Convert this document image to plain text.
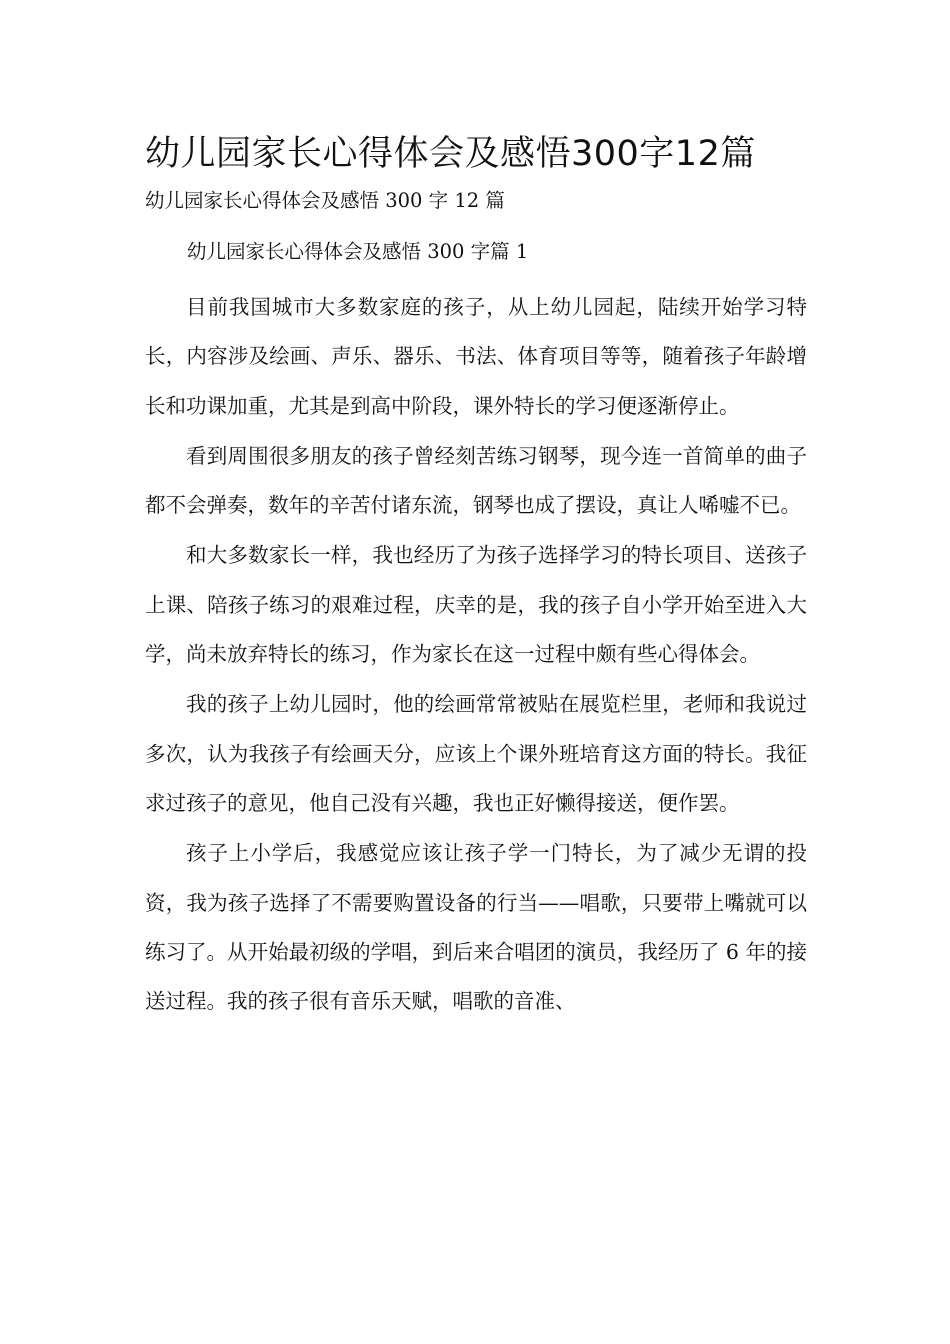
幼儿园家长心得体会及感悟300字12篇

幼儿园家长心得体会及感悟 300 字 12 篇

幼儿园家长心得体会及感悟 300 字篇 1

目前我国城市大多数家庭的孩子，从上幼儿园起，陆续开始学习特长，内容涉及绘画、声乐、器乐、书法、体育项目等等，随着孩子年龄增长和功课加重，尤其是到高中阶段，课外特长的学习便逐渐停止。

看到周围很多朋友的孩子曾经刻苦练习钢琴，现今连一首简单的曲子都不会弹奏，数年的辛苦付诸东流，钢琴也成了摆设，真让人唏嘘不已。

和大多数家长一样，我也经历了为孩子选择学习的特长项目、送孩子上课、陪孩子练习的艰难过程，庆幸的是，我的孩子自小学开始至进入大学，尚未放弃特长的练习，作为家长在这一过程中颇有些心得体会。

我的孩子上幼儿园时，他的绘画常常被贴在展览栏里，老师和我说过多次，认为我孩子有绘画天分，应该上个课外班培育这方面的特长。我征求过孩子的意见，他自己没有兴趣，我也正好懒得接送，便作罢。

孩子上小学后，我感觉应该让孩子学一门特长，为了减少无谓的投资，我为孩子选择了不需要购置设备的行当——唱歌，只要带上嘴就可以练习了。从开始最初级的学唱，到后来合唱团的演员，我经历了 6 年的接送过程。我的孩子很有音乐天赋，唱歌的音准、
